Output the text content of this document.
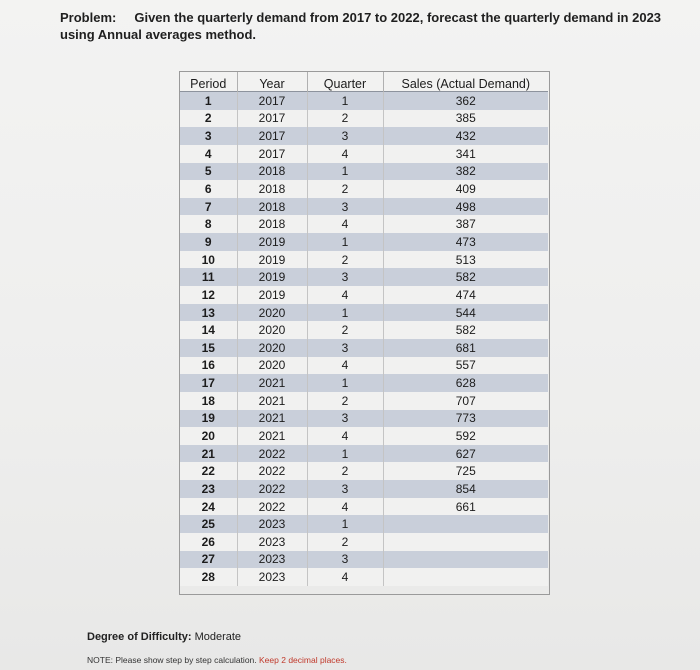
Problem: Given the quarterly demand from 2017 to 2022, forecast the quarterly demand in 2023 using Annual averages method.
Period	Year	Quarter	Sales (Actual Demand)
1	2017	1	362
2	2017	2	385
3	2017	3	432
4	2017	4	341
5	2018	1	382
6	2018	2	409
7	2018	3	498
8	2018	4	387
9	2019	1	473
10	2019	2	513
11	2019	3	582
12	2019	4	474
13	2020	1	544
14	2020	2	582
15	2020	3	681
16	2020	4	557
17	2021	1	628
18	2021	2	707
19	2021	3	773
20	2021	4	592
21	2022	1	627
22	2022	2	725
23	2022	3	854
24	2022	4	661
25	2023	1	
26	2023	2	
27	2023	3	
28	2023	4	
Degree of Difficulty: Moderate
NOTE: Please show step by step calculation. Keep 2 decimal places.
